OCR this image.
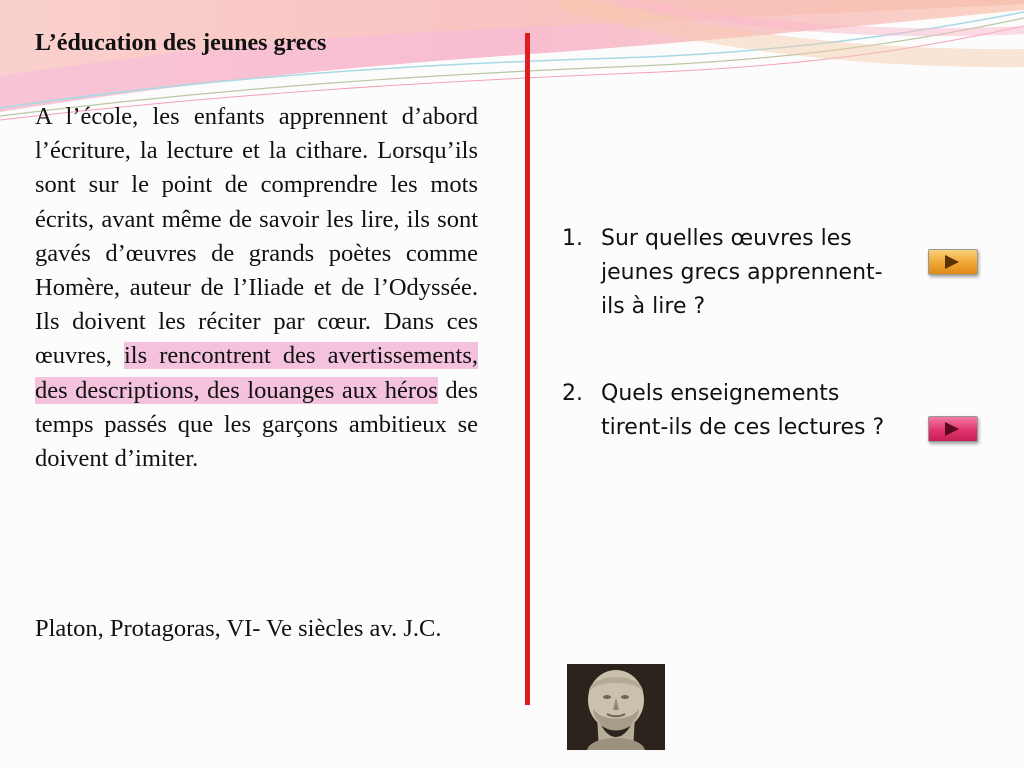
L’éducation des jeunes grecs

A l’école, les enfants apprennent d’abord l’écriture, la lecture et la cithare. Lorsqu’ils sont sur le point de comprendre les mots écrits, avant même de savoir les lire, ils sont gavés d’œuvres de grands poètes comme Homère, auteur de l’Iliade et de l’Odyssée. Ils doivent les réciter par cœur. Dans ces œuvres, ils rencontrent des avertissements, des descriptions, des louanges aux héros des temps passés que les garçons ambitieux se doivent d’imiter.

Platon, Protagoras, VI- Ve siècles av. J.C.

1. Sur quelles œuvres les jeunes grecs apprennent-ils à lire ?
2. Quels enseignements tirent-ils de ces lectures ?
